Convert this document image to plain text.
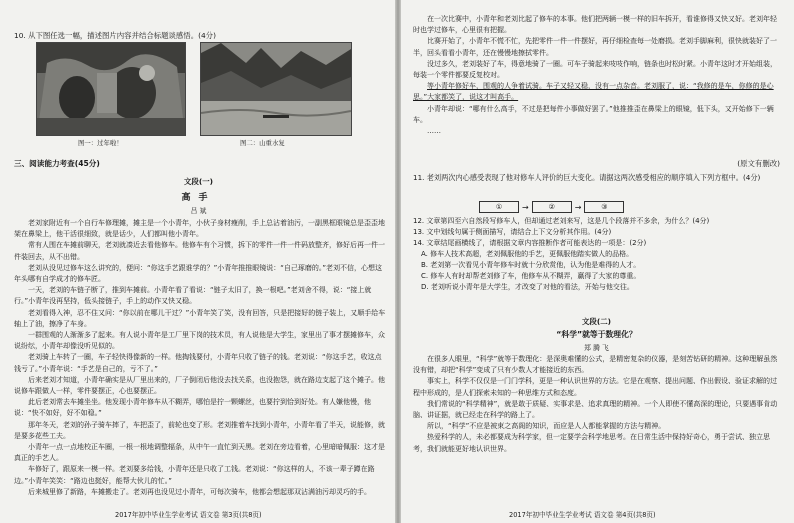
10. 从下图任选一幅，描述图片内容并结合标题谈感悟。(4分)
图一：过年啦！	图二：山重水复
三、阅读能力考查(45分)
文段(一)
高手
吕 斌

老刘家附近有一个自行车修理摊，摊主是一个小青年，小伙子身材瘦削，手上总沾着油污，一副黑框眼镜总是歪歪地架在鼻梁上，他干活很细致，就是话少，人们都叫他小青年。

常有人围在车摊前聊天，老刘就凑近去看他修车。他修车有个习惯，拆下的零件一件一件码放整齐，修好后再一件一件装回去，从不出错。

老刘从没见过修车这么讲究的，便问：“你这手艺跟谁学的？”小青年推推眼镜说：“自己琢磨的。”老刘不信，心想这年头哪有自学成才的修车匠。

一天，老刘的车链子断了，推到车摊前。小青年看了看说：“链子太旧了，换一根吧。”老刘舍不得，说：“接上就行。”小青年没再坚持，低头接链子，手上的动作又快又稳。

老刘看得入神，忍不住又问：“你以前在哪儿干过？”小青年笑了笑，没有回答，只是把接好的链子装上，又顺手给车轴上了油，擦净了车身。

一群围观的人渐渐多了起来。有人说小青年是工厂里下岗的技术员，有人说他是大学生，家里出了事才摆摊修车，众说纷纭，小青年却像没听见似的。

老刘骑上车转了一圈，车子轻快得像新的一样。他掏钱要付，小青年只收了链子的钱。老刘说：“你这手艺，收这点钱亏了。”小青年说：“手艺是自己的，亏不了。”

后来老刘才知道，小青年确实是从厂里出来的，厂子倒闭后他没去找关系，也没抱怨，就在路边支起了这个摊子。他说修车跟做人一样，零件要摆正，心也要摆正。

此后老刘常去车摊坐坐。他发现小青年修车从不糊弄，哪怕是拧一颗螺丝，也要拧到恰到好处。有人嫌他慢，他说：“快不如好，好不如稳。”

那年冬天，老刘的孙子骑车摔了，车把歪了，前轮也变了形。老刘推着车找到小青年，小青年看了半天，说能修，就是要多花些工夫。

小青年一点一点地校正车圈，一根一根地调整辐条，从中午一直忙到天黑。老刘在旁边看着，心里暗暗佩服：这才是真正的手艺人。

车修好了，跟原来一模一样。老刘要多给钱，小青年还是只收了工钱。老刘说：“你这样的人，不该一辈子蹲在路边。”小青年笑笑：“路边也挺好，能帮大伙儿的忙。”

后来城里修了新路，车摊搬走了。老刘再也没见过小青年，可每次骑车，他都会想起那双沾满油污却灵巧的手。

2017年初中毕业生学业考试 语文卷 第3页(共8页)

在一次比赛中，小青年和老刘比起了修车的本事。他们把两辆一模一样的旧车拆开，看谁修得又快又好。老刘年轻时也学过修车，心里很有把握。

比赛开始了，小青年不慌不忙，先把零件一件一件摆好，再仔细检查每一处磨损。老刘手脚麻利，很快就装好了一半，回头看看小青年，还在慢慢地擦拭零件。

没过多久，老刘装好了车，得意地骑了一圈。可车子骑起来吱吱作响，链条也时松时紧。小青年这时才开始组装，每装一个零件都要反复校对。

等小青年修好车，围观的人争着试骑。车子又轻又稳，没有一点杂音。老刘服了，说：“我修的是车，你修的是心思。”大家都笑了，说这才叫高手。

小青年却说：“哪有什么高手，不过是把每件小事做好罢了。”他推推歪在鼻梁上的眼镜，低下头，又开始修下一辆车。

……

(原文有删改)
11. 老刘两次内心感受表现了他对修车人评价的巨大变化。请据这两次感受相应的顺序填入下列方框中。(4分)
①	→	②	→	③
12. 文章第四至六自然段写修车人，但却通过老刘来写，这是几个段落并不多余，为什么？(4分)
13. 文中划线句属于侧面描写，请结合上下文分析其作用。(4分)
14. 文章结尾画横线了，请根据文章内容推断作者可能表达的一项是：(2分)
A. 修车人技术高超，老刘佩服他的手艺，更佩服他踏实做人的品格。
B. 老刘第一次看见小青年修车时就十分欣赏他，认为他是难得的人才。
C. 修车人有时却帮老刘修了车，他修车从不糊弄，赢得了大家的尊重。
D. 老刘听说小青年是大学生，才改变了对他的看法，开始与他交往。
文段(二)
“科学”就等于数理化？
郑 腾 飞

在很多人眼里，“科学”就等于数理化：是深奥难懂的公式，是精密复杂的仪器，是刻苦钻研的精神。这种理解虽然没有错，却把“科学”变成了只有少数人才能接近的东西。

事实上，科学不仅仅是一门门学科，更是一种认识世界的方法。它是在观察、提出问题、作出假设、验证求解的过程中形成的，是人们探索未知的一种思维方式和态度。

我们常说的“科学精神”，就是敢于质疑、实事求是、追求真理的精神。一个人即使不懂高深的理论，只要遇事肯动脑、讲证据，就已经走在科学的路上了。

所以，“科学”不应是被束之高阁的知识，而应是人人都能掌握的方法与精神。

热爱科学的人，未必都要成为科学家，但一定要学会科学地思考。在日常生活中保持好奇心，勇于尝试、独立思考，我们就能更好地认识世界。

2017年初中毕业生学业考试 语文卷 第4页(共8页)
